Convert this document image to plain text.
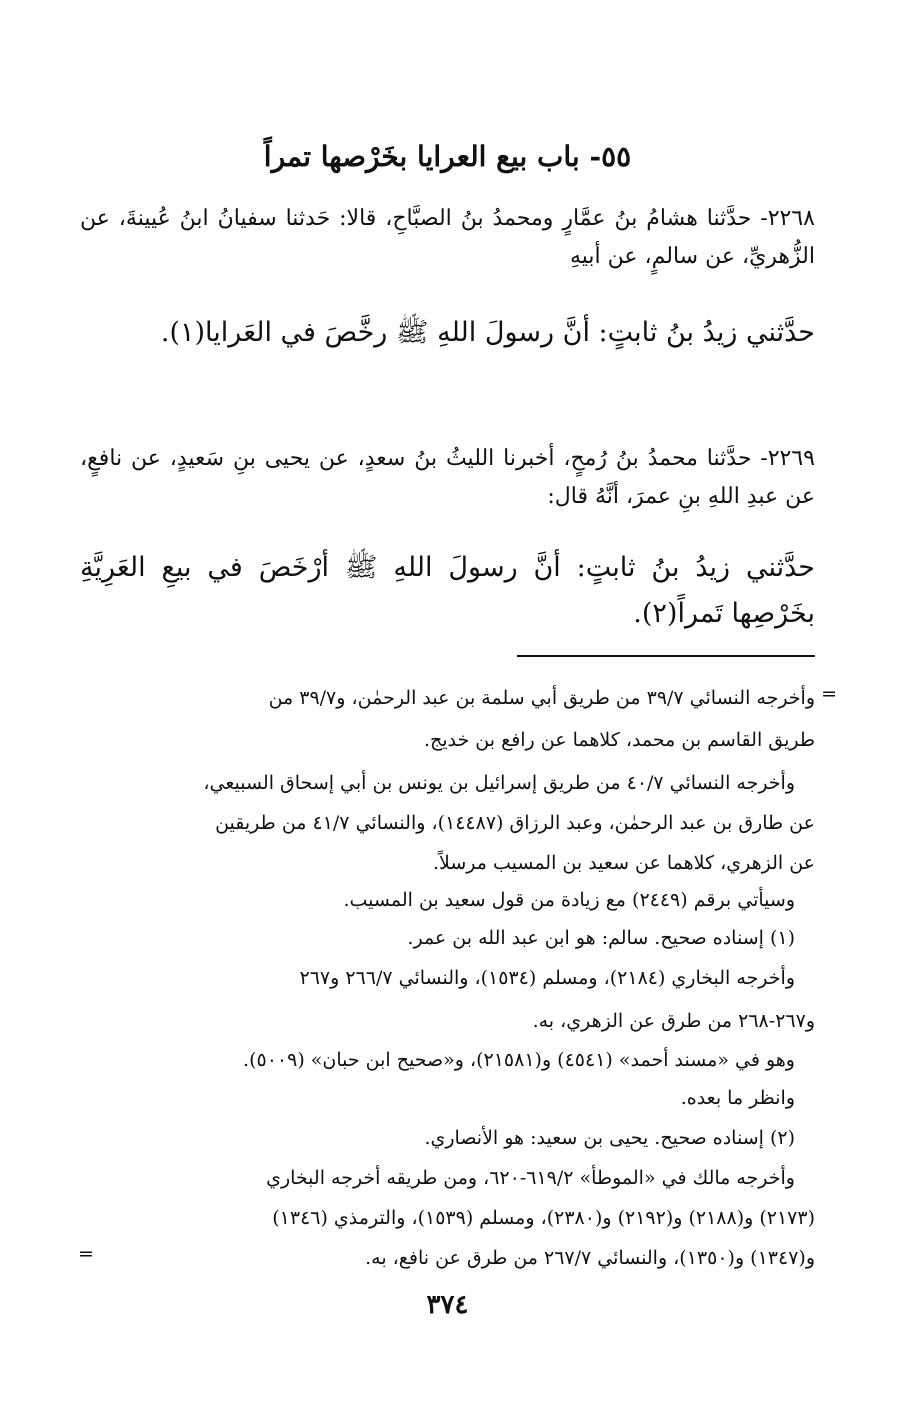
٥٥- باب بيع العرايا بخَرْصها تمراً
٢٢٦٨- حدَّثنا هشامُ بنُ عمَّارٍ ومحمدُ بنُ الصبَّاحِ، قالا: حَدثنا سفيانُ ابنُ عُيينةَ، عن الزُّهريِّ، عن سالمٍ، عن أبيهِ
حدَّثني زيدُ بنُ ثابتٍ: أنَّ رسولَ اللهِ ﷺ رخَّصَ في العَرايا(١).
٢٢٦٩- حدَّثنا محمدُ بنُ رُمحٍ، أخبرنا الليثُ بنُ سعدٍ، عن يحيى بنِ سَعيدٍ، عن نافعٍ، عن عبدِ اللهِ بنِ عمرَ، أنَّهُ قال:
حدَّثني زيدُ بنُ ثابتٍ: أنَّ رسولَ اللهِ ﷺ أرْخَصَ في بيعِ العَرِيَّةِ بخَرْصِها تَمراً(٢).
=
وأخرجه النسائي ٣٩/٧ من طريق أبي سلمة بن عبد الرحمٰن، و٣٩/٧ من
طريق القاسم بن محمد، كلاهما عن رافع بن خديج.
وأخرجه النسائي ٤٠/٧ من طريق إسرائيل بن يونس بن أبي إسحاق السبيعي،
عن طارق بن عبد الرحمٰن، وعبد الرزاق (١٤٤٨٧)، والنسائي ٤١/٧ من طريقين
عن الزهري، كلاهما عن سعيد بن المسيب مرسلاً.
وسيأتي برقم (٢٤٤٩) مع زيادة من قول سعيد بن المسيب.
(١) إسناده صحيح. سالم: هو ابن عبد الله بن عمر.
وأخرجه البخاري (٢١٨٤)، ومسلم (١٥٣٤)، والنسائي ٢٦٦/٧ و٢٦٧
و٢٦٧-٢٦٨ من طرق عن الزهري، به.
وهو في «مسند أحمد» (٤٥٤١) و(٢١٥٨١)، و«صحيح ابن حبان» (٥٠٠٩).
وانظر ما بعده.
(٢) إسناده صحيح. يحيى بن سعيد: هو الأنصاري.
وأخرجه مالك في «الموطأ» ٦١٩/٢-٦٢٠، ومن طريقه أخرجه البخاري
(٢١٧٣) و(٢١٨٨) و(٢١٩٢) و(٢٣٨٠)، ومسلم (١٥٣٩)، والترمذي (١٣٤٦)
و(١٣٤٧) و(١٣٥٠)، والنسائي ٢٦٧/٧ من طرق عن نافع، به.
=
٣٧٤
